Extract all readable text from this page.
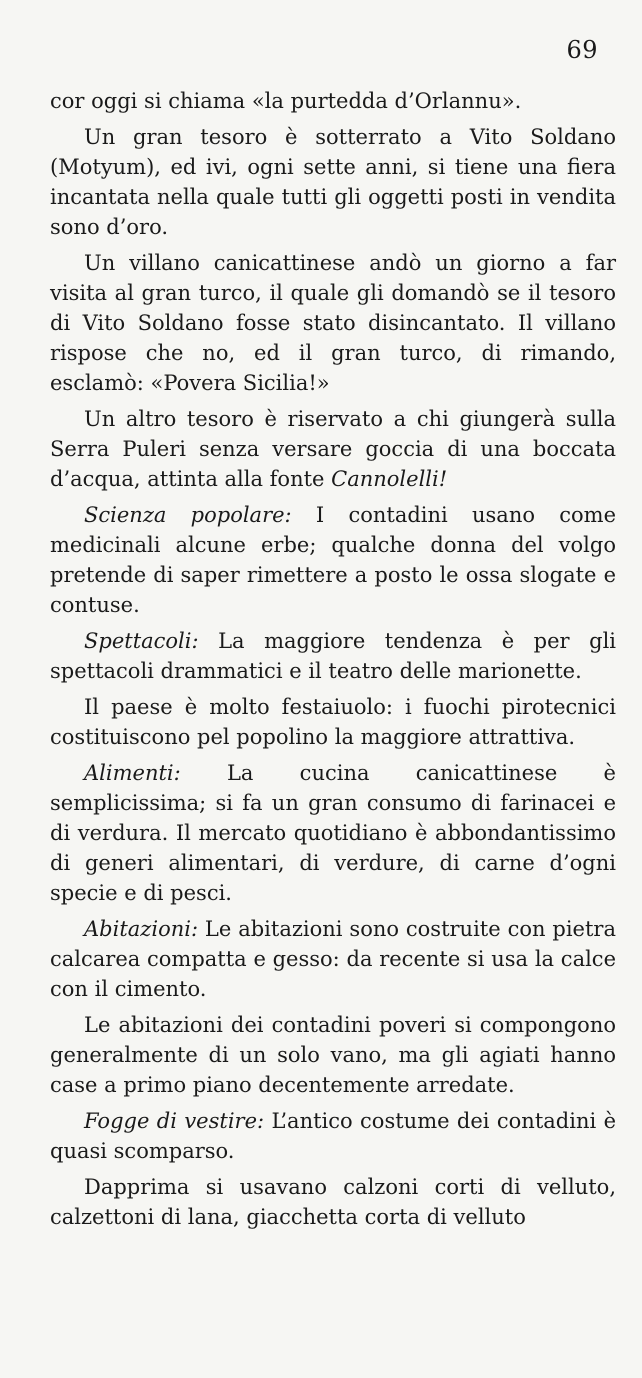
69

cor oggi si chiama «la purtedda d’Orlannu».

Un gran tesoro è sotterrato a Vito Soldano (Motyum), ed ivi, ogni sette anni, si tiene una fiera incantata nella quale tutti gli oggetti posti in vendita sono d’oro.

Un villano canicattinese andò un giorno a far visita al gran turco, il quale gli domandò se il tesoro di Vito Soldano fosse stato disincantato. Il villano rispose che no, ed il gran turco, di rimando, esclamò: «Povera Sicilia!»

Un altro tesoro è riservato a chi giungerà sulla Serra Puleri senza versare goccia di una boccata d’acqua, attinta alla fonte Cannolelli!

Scienza popolare: I contadini usano come medicinali alcune erbe; qualche donna del volgo pretende di saper rimettere a posto le ossa slogate e contuse.

Spettacoli: La maggiore tendenza è per gli spettacoli drammatici e il teatro delle marionette.

Il paese è molto festaiuolo: i fuochi pirotecnici costituiscono pel popolino la maggiore attrattiva.

Alimenti: La cucina canicattinese è semplicissima; si fa un gran consumo di farinacei e di verdura. Il mercato quotidiano è abbondantissimo di generi alimentari, di verdure, di carne d’ogni specie e di pesci.

Abitazioni: Le abitazioni sono costruite con pietra calcarea compatta e gesso: da recente si usa la calce con il cimento.

Le abitazioni dei contadini poveri si compongono generalmente di un solo vano, ma gli agiati hanno case a primo piano decentemente arredate.

Fogge di vestire: L’antico costume dei contadini è quasi scomparso.

Dapprima si usavano calzoni corti di velluto, calzettoni di lana, giacchetta corta di velluto
